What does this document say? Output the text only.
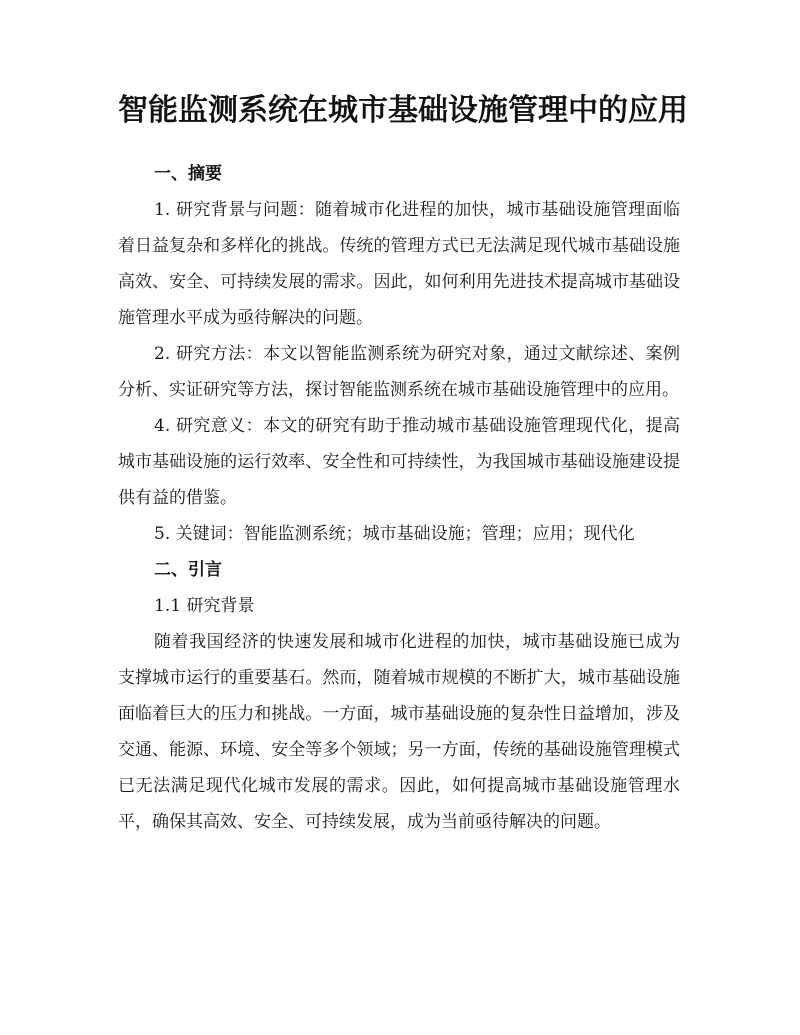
智能监测系统在城市基础设施管理中的应用
一、摘要

1. 研究背景与问题：随着城市化进程的加快，城市基础设施管理面临着日益复杂和多样化的挑战。传统的管理方式已无法满足现代城市基础设施高效、安全、可持续发展的需求。因此，如何利用先进技术提高城市基础设施管理水平成为亟待解决的问题。

2. 研究方法：本文以智能监测系统为研究对象，通过文献综述、案例分析、实证研究等方法，探讨智能监测系统在城市基础设施管理中的应用。

4. 研究意义：本文的研究有助于推动城市基础设施管理现代化，提高城市基础设施的运行效率、安全性和可持续性，为我国城市基础设施建设提供有益的借鉴。

5. 关键词：智能监测系统；城市基础设施；管理；应用；现代化

二、引言

1.1 研究背景

随着我国经济的快速发展和城市化进程的加快，城市基础设施已成为支撑城市运行的重要基石。然而，随着城市规模的不断扩大，城市基础设施面临着巨大的压力和挑战。一方面，城市基础设施的复杂性日益增加，涉及交通、能源、环境、安全等多个领域；另一方面，传统的基础设施管理模式已无法满足现代化城市发展的需求。因此，如何提高城市基础设施管理水平，确保其高效、安全、可持续发展，成为当前亟待解决的问题。
